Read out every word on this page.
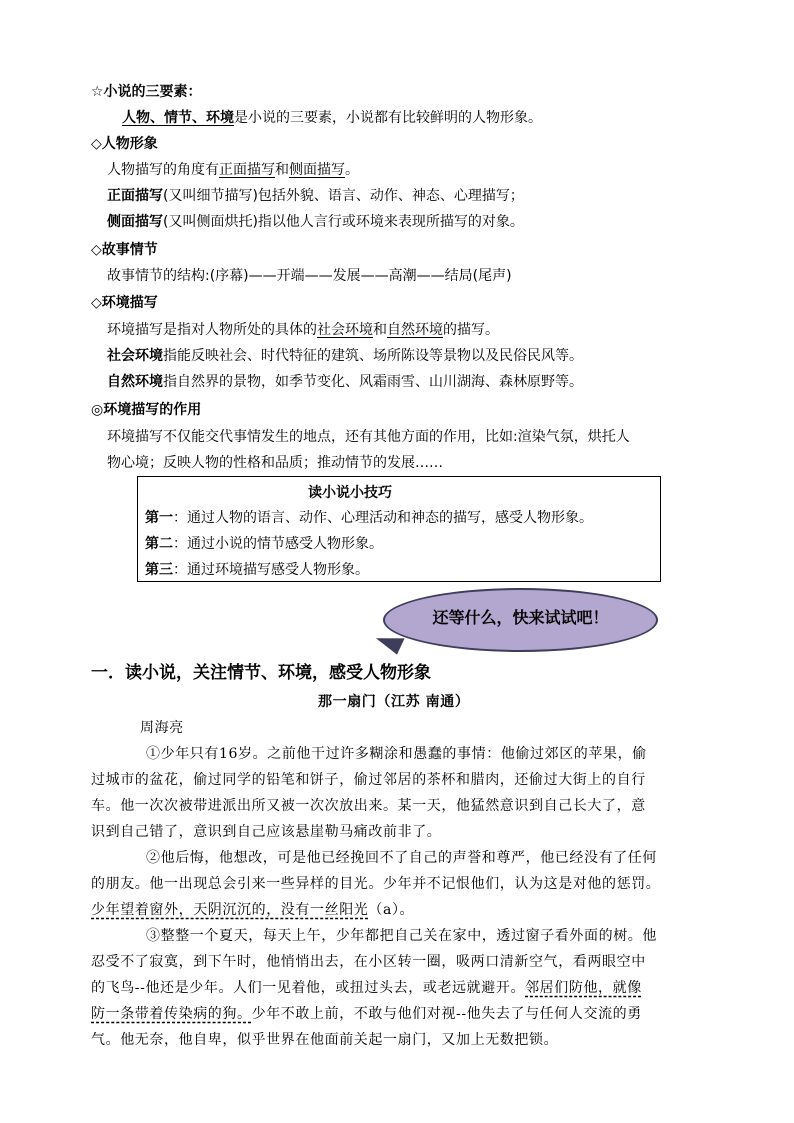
☆小说的三要素：
人物、情节、环境是小说的三要素，小说都有比较鲜明的人物形象。
◇人物形象
人物描写的角度有正面描写和侧面描写。
正面描写(又叫细节描写)包括外貌、语言、动作、神态、心理描写；
侧面描写(又叫侧面烘托)指以他人言行或环境来表现所描写的对象。
◇故事情节
故事情节的结构:(序幕)——开端——发展——高潮——结局(尾声)
◇环境描写
环境描写是指对人物所处的具体的社会环境和自然环境的描写。
社会环境指能反映社会、时代特征的建筑、场所陈设等景物以及民俗民风等。
自然环境指自然界的景物，如季节变化、风霜雨雪、山川湖海、森林原野等。
◎环境描写的作用
环境描写不仅能交代事情发生的地点，还有其他方面的作用，比如:渲染气氛，烘托人
物心境；反映人物的性格和品质；推动情节的发展……
读小说小技巧
第一：通过人物的语言、动作、心理活动和神态的描写，感受人物形象。
第二：通过小说的情节感受人物形象。
第三：通过环境描写感受人物形象。
还等什么，快来试试吧！
一．读小说，关注情节、环境，感受人物形象
那一扇门（江苏 南通）
周海亮
①少年只有16岁。之前他干过许多糊涂和愚蠢的事情：他偷过郊区的苹果，偷
过城市的盆花，偷过同学的铅笔和饼子，偷过邻居的茶杯和腊肉，还偷过大街上的自行
车。他一次次被带进派出所又被一次次放出来。某一天，他猛然意识到自己长大了，意
识到自己错了，意识到自己应该悬崖勒马痛改前非了。
②他后悔，他想改，可是他已经挽回不了自己的声誉和尊严，他已经没有了任何
的朋友。他一出现总会引来一些异样的目光。少年并不记恨他们，认为这是对他的惩罚。
少年望着窗外，天阴沉沉的，没有一丝阳光（a）。
③整整一个夏天，每天上午，少年都把自己关在家中，透过窗子看外面的树。他
忍受不了寂寞，到下午时，他悄悄出去，在小区转一圈，吸两口清新空气，看两眼空中
的飞鸟--他还是少年。人们一见着他，或扭过头去，或老远就避开。邻居们防他，就像
防一条带着传染病的狗。少年不敢上前，不敢与他们对视--他失去了与任何人交流的勇
气。他无奈，他自卑，似乎世界在他面前关起一扇门，又加上无数把锁。
